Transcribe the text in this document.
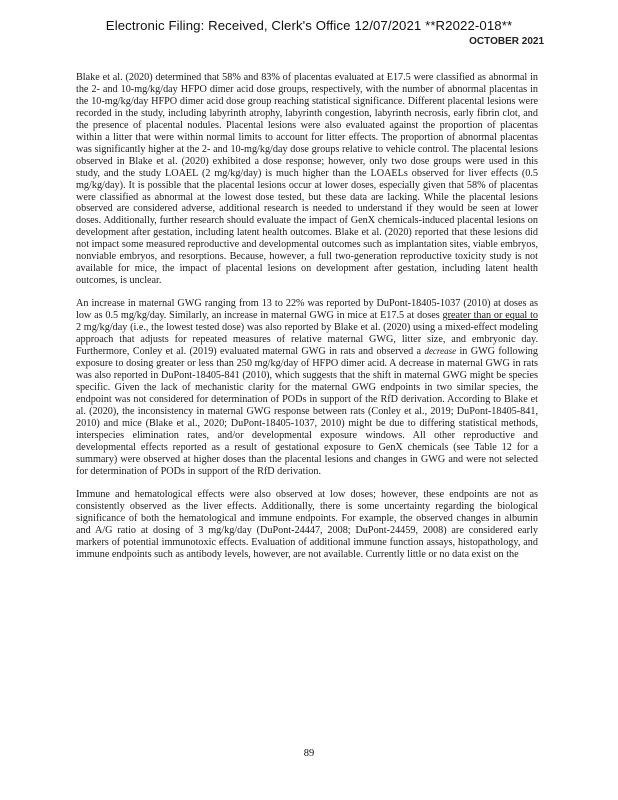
Electronic Filing: Received, Clerk's Office 12/07/2021 **R2022-018**
OCTOBER 2021

Blake et al. (2020) determined that 58% and 83% of placentas evaluated at E17.5 were classified as abnormal in the 2- and 10-mg/kg/day HFPO dimer acid dose groups, respectively, with the number of abnormal placentas in the 10-mg/kg/day HFPO dimer acid dose group reaching statistical significance. Different placental lesions were recorded in the study, including labyrinth atrophy, labyrinth congestion, labyrinth necrosis, early fibrin clot, and the presence of placental nodules. Placental lesions were also evaluated against the proportion of placentas within a litter that were within normal limits to account for litter effects. The proportion of abnormal placentas was significantly higher at the 2- and 10-mg/kg/day dose groups relative to vehicle control. The placental lesions observed in Blake et al. (2020) exhibited a dose response; however, only two dose groups were used in this study, and the study LOAEL (2 mg/kg/day) is much higher than the LOAELs observed for liver effects (0.5 mg/kg/day). It is possible that the placental lesions occur at lower doses, especially given that 58% of placentas were classified as abnormal at the lowest dose tested, but these data are lacking. While the placental lesions observed are considered adverse, additional research is needed to understand if they would be seen at lower doses. Additionally, further research should evaluate the impact of GenX chemicals-induced placental lesions on development after gestation, including latent health outcomes. Blake et al. (2020) reported that these lesions did not impact some measured reproductive and developmental outcomes such as implantation sites, viable embryos, nonviable embryos, and resorptions. Because, however, a full two-generation reproductive toxicity study is not available for mice, the impact of placental lesions on development after gestation, including latent health outcomes, is unclear.

An increase in maternal GWG ranging from 13 to 22% was reported by DuPont-18405-1037 (2010) at doses as low as 0.5 mg/kg/day. Similarly, an increase in maternal GWG in mice at E17.5 at doses greater than or equal to 2 mg/kg/day (i.e., the lowest tested dose) was also reported by Blake et al. (2020) using a mixed-effect modeling approach that adjusts for repeated measures of relative maternal GWG, litter size, and embryonic day. Furthermore, Conley et al. (2019) evaluated maternal GWG in rats and observed a decrease in GWG following exposure to dosing greater or less than 250 mg/kg/day of HFPO dimer acid. A decrease in maternal GWG in rats was also reported in DuPont-18405-841 (2010), which suggests that the shift in maternal GWG might be species specific. Given the lack of mechanistic clarity for the maternal GWG endpoints in two similar species, the endpoint was not considered for determination of PODs in support of the RfD derivation. According to Blake et al. (2020), the inconsistency in maternal GWG response between rats (Conley et al., 2019; DuPont-18405-841, 2010) and mice (Blake et al., 2020; DuPont-18405-1037, 2010) might be due to differing statistical methods, interspecies elimination rates, and/or developmental exposure windows. All other reproductive and developmental effects reported as a result of gestational exposure to GenX chemicals (see Table 12 for a summary) were observed at higher doses than the placental lesions and changes in GWG and were not selected for determination of PODs in support of the RfD derivation.

Immune and hematological effects were also observed at low doses; however, these endpoints are not as consistently observed as the liver effects. Additionally, there is some uncertainty regarding the biological significance of both the hematological and immune endpoints. For example, the observed changes in albumin and A/G ratio at dosing of 3 mg/kg/day (DuPont-24447, 2008; DuPont-24459, 2008) are considered early markers of potential immunotoxic effects. Evaluation of additional immune function assays, histopathology, and immune endpoints such as antibody levels, however, are not available. Currently little or no data exist on the

89
